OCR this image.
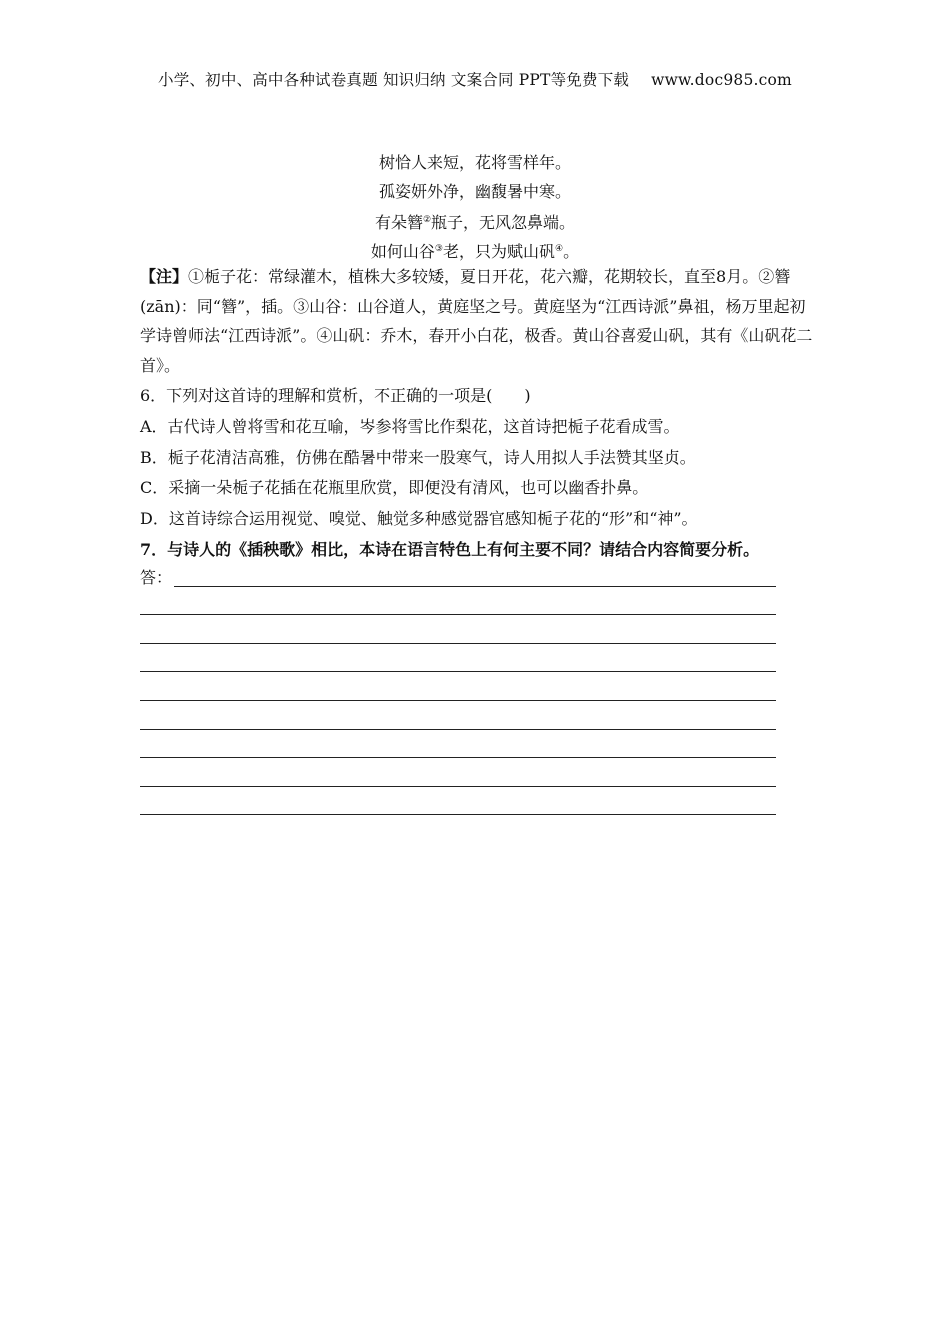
小学、初中、高中各种试卷真题 知识归纳 文案合同 PPT等免费下载 www.doc985.com
树恰人来短，花将雪样年。
孤姿妍外净，幽馥暑中寒。
有朵簪②瓶子，无风忽鼻端。
如何山谷③老，只为赋山矾④。
【注】①栀子花：常绿灌木，植株大多较矮，夏日开花，花六瓣，花期较长，直至8月。②簪(zān)：同“簪”，插。③山谷：山谷道人，黄庭坚之号。黄庭坚为“江西诗派”鼻祖，杨万里起初学诗曾师法“江西诗派”。④山矾：乔木，春开小白花，极香。黄山谷喜爱山矾，其有《山矾花二首》。

6．下列对这首诗的理解和赏析，不正确的一项是(　　)

A．古代诗人曾将雪和花互喻，岑参将雪比作梨花，这首诗把栀子花看成雪。

B．栀子花清洁高雅，仿佛在酷暑中带来一股寒气，诗人用拟人手法赞其坚贞。

C．采摘一朵栀子花插在花瓶里欣赏，即便没有清风，也可以幽香扑鼻。

D．这首诗综合运用视觉、嗅觉、触觉多种感觉器官感知栀子花的“形”和“神”。

7．与诗人的《插秧歌》相比，本诗在语言特色上有何主要不同？请结合内容简要分析。

答：
